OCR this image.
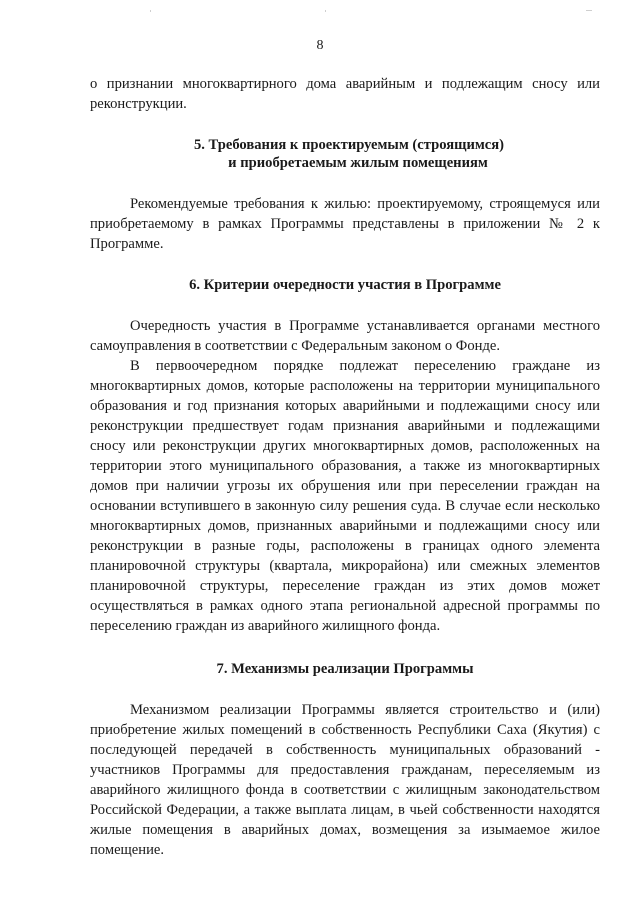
8

о признании многоквартирного дома аварийным и подлежащим сносу или реконструкции.

5. Требования к проектируемым (строящимся)
и приобретаемым жилым помещениям

Рекомендуемые требования к жилью: проектируемому, строящемуся или приобретаемому в рамках Программы представлены в приложении № 2 к Программе.

6. Критерии очередности участия в Программе

Очередность участия в Программе устанавливается органами местного самоуправления в соответствии с Федеральным законом о Фонде.

В первоочередном порядке подлежат переселению граждане из многоквартирных домов, которые расположены на территории муниципального образования и год признания которых аварийными и подлежащими сносу или реконструкции предшествует годам признания аварийными и подлежащими сносу или реконструкции других многоквартирных домов, расположенных на территории этого муниципального образования, а также из многоквартирных домов при наличии угрозы их обрушения или при переселении граждан на основании вступившего в законную силу решения суда. В случае если несколько многоквартирных домов, признанных аварийными и подлежащими сносу или реконструкции в разные годы, расположены в границах одного элемента планировочной структуры (квартала, микрорайона) или смежных элементов планировочной структуры, переселение граждан из этих домов может осуществляться в рамках одного этапа региональной адресной программы по переселению граждан из аварийного жилищного фонда.

7. Механизмы реализации Программы

Механизмом реализации Программы является строительство и (или) приобретение жилых помещений в собственность Республики Саха (Якутия) с последующей передачей в собственность муниципальных образований - участников Программы для предоставления гражданам, переселяемым из аварийного жилищного фонда в соответствии с жилищным законодательством Российской Федерации, а также выплата лицам, в чьей собственности находятся жилые помещения в аварийных домах, возмещения за изымаемое жилое помещение.
